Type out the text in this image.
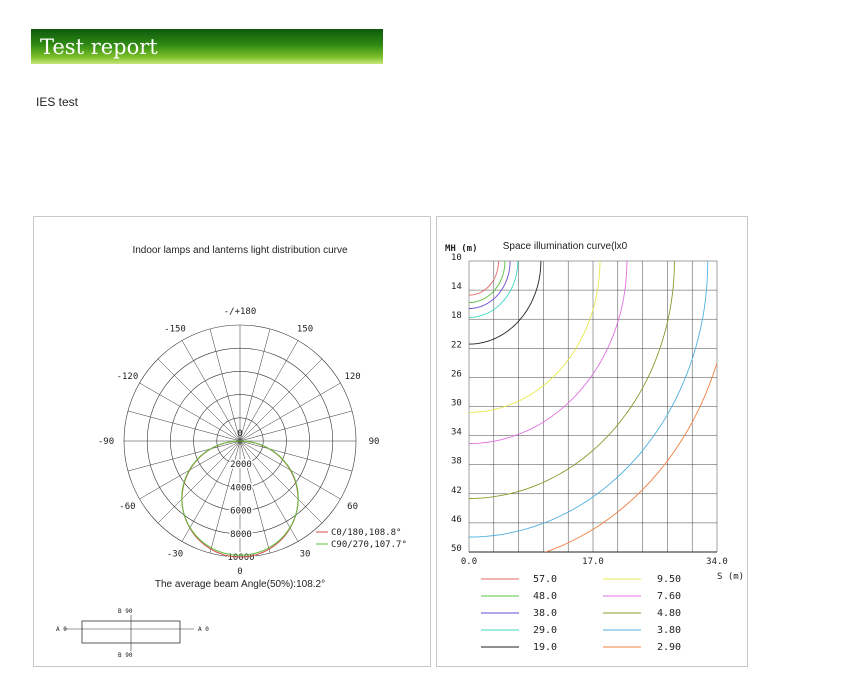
Test report
IES test
Indoor lamps and lanterns light distribution curve
-/+180
-150	150
-120	120
-90	90
-60	60
-30	30
0
0
2000
4000
6000
8000
10000
C0/180,108.8°
C90/270,107.7°
The average beam Angle(50%):108.2°
B 90
B 90
A 0	A 0
Space illumination curve(lx0
MH (m)
S (m)
10
14
18
22
26
30
34
38
42
46
50
0.0	17.0	34.0
57.0
48.0
38.0
29.0
19.0
9.50
7.60
4.80
3.80
2.90
